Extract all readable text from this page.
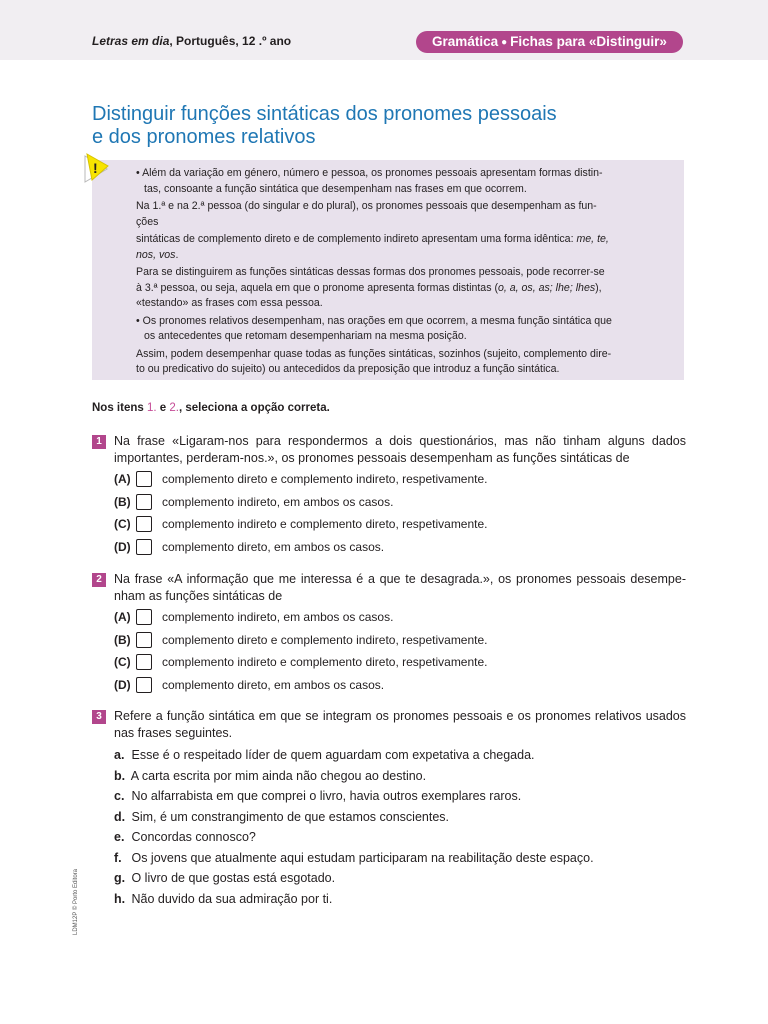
Letras em dia, Português, 12 .º ano	Gramática ● Fichas para «Distinguir»
Distinguir funções sintáticas dos pronomes pessoais
e dos pronomes relativos

• Além da variação em género, número e pessoa, os pronomes pessoais apresentam formas distin-
tas, consoante a função sintática que desempenham nas frases em que ocorrem.

Na 1.ª e na 2.ª pessoa (do singular e do plural), os pronomes pessoais que desempenham as fun-
ções

sintáticas de complemento direto e de complemento indireto apresentam uma forma idêntica: me, te,
nos, vos.

Para se distinguirem as funções sintáticas dessas formas dos pronomes pessoais, pode recorrer-se
à 3.ª pessoa, ou seja, aquela em que o pronome apresenta formas distintas (o, a, os, as; lhe; lhes),
«testando» as frases com essa pessoa.

• Os pronomes relativos desempenham, nas orações em que ocorrem, a mesma função sintática que
os antecedentes que retomam desempenhariam na mesma posição.

Assim, podem desempenhar quase todas as funções sintáticas, sozinhos (sujeito, complemento dire-
to ou predicativo do sujeito) ou antecedidos da preposição que introduz a função sintática.

!
Nos itens 1. e 2., seleciona a opção correta.
1 Na frase «Ligaram-nos para respondermos a dois questionários, mas não tinham alguns dados importantes, perderam-nos.», os pronomes pessoais desempenham as funções sintáticas de
(A)	complemento direto e complemento indireto, respetivamente.
(B)	complemento indireto, em ambos os casos.
(C)	complemento indireto e complemento direto, respetivamente.
(D)	complemento direto, em ambos os casos.
2 Na frase «A informação que me interessa é a que te desagrada.», os pronomes pessoais desempe-nham as funções sintáticas de
(A)	complemento indireto, em ambos os casos.
(B)	complemento direto e complemento indireto, respetivamente.
(C)	complemento indireto e complemento direto, respetivamente.
(D)	complemento direto, em ambos os casos.
3 Refere a função sintática em que se integram os pronomes pessoais e os pronomes relativos usados nas frases seguintes.
a. Esse é o respeitado líder de quem aguardam com expetativa a chegada.
b. A carta escrita por mim ainda não chegou ao destino.
c. No alfarrabista em que comprei o livro, havia outros exemplares raros.
d. Sim, é um constrangimento de que estamos conscientes.
e. Concordas connosco?
f. Os jovens que atualmente aqui estudam participaram na reabilitação deste espaço.
g. O livro de que gostas está esgotado.
h. Não duvido da sua admiração por ti.
LDM12P © Porto Editora
